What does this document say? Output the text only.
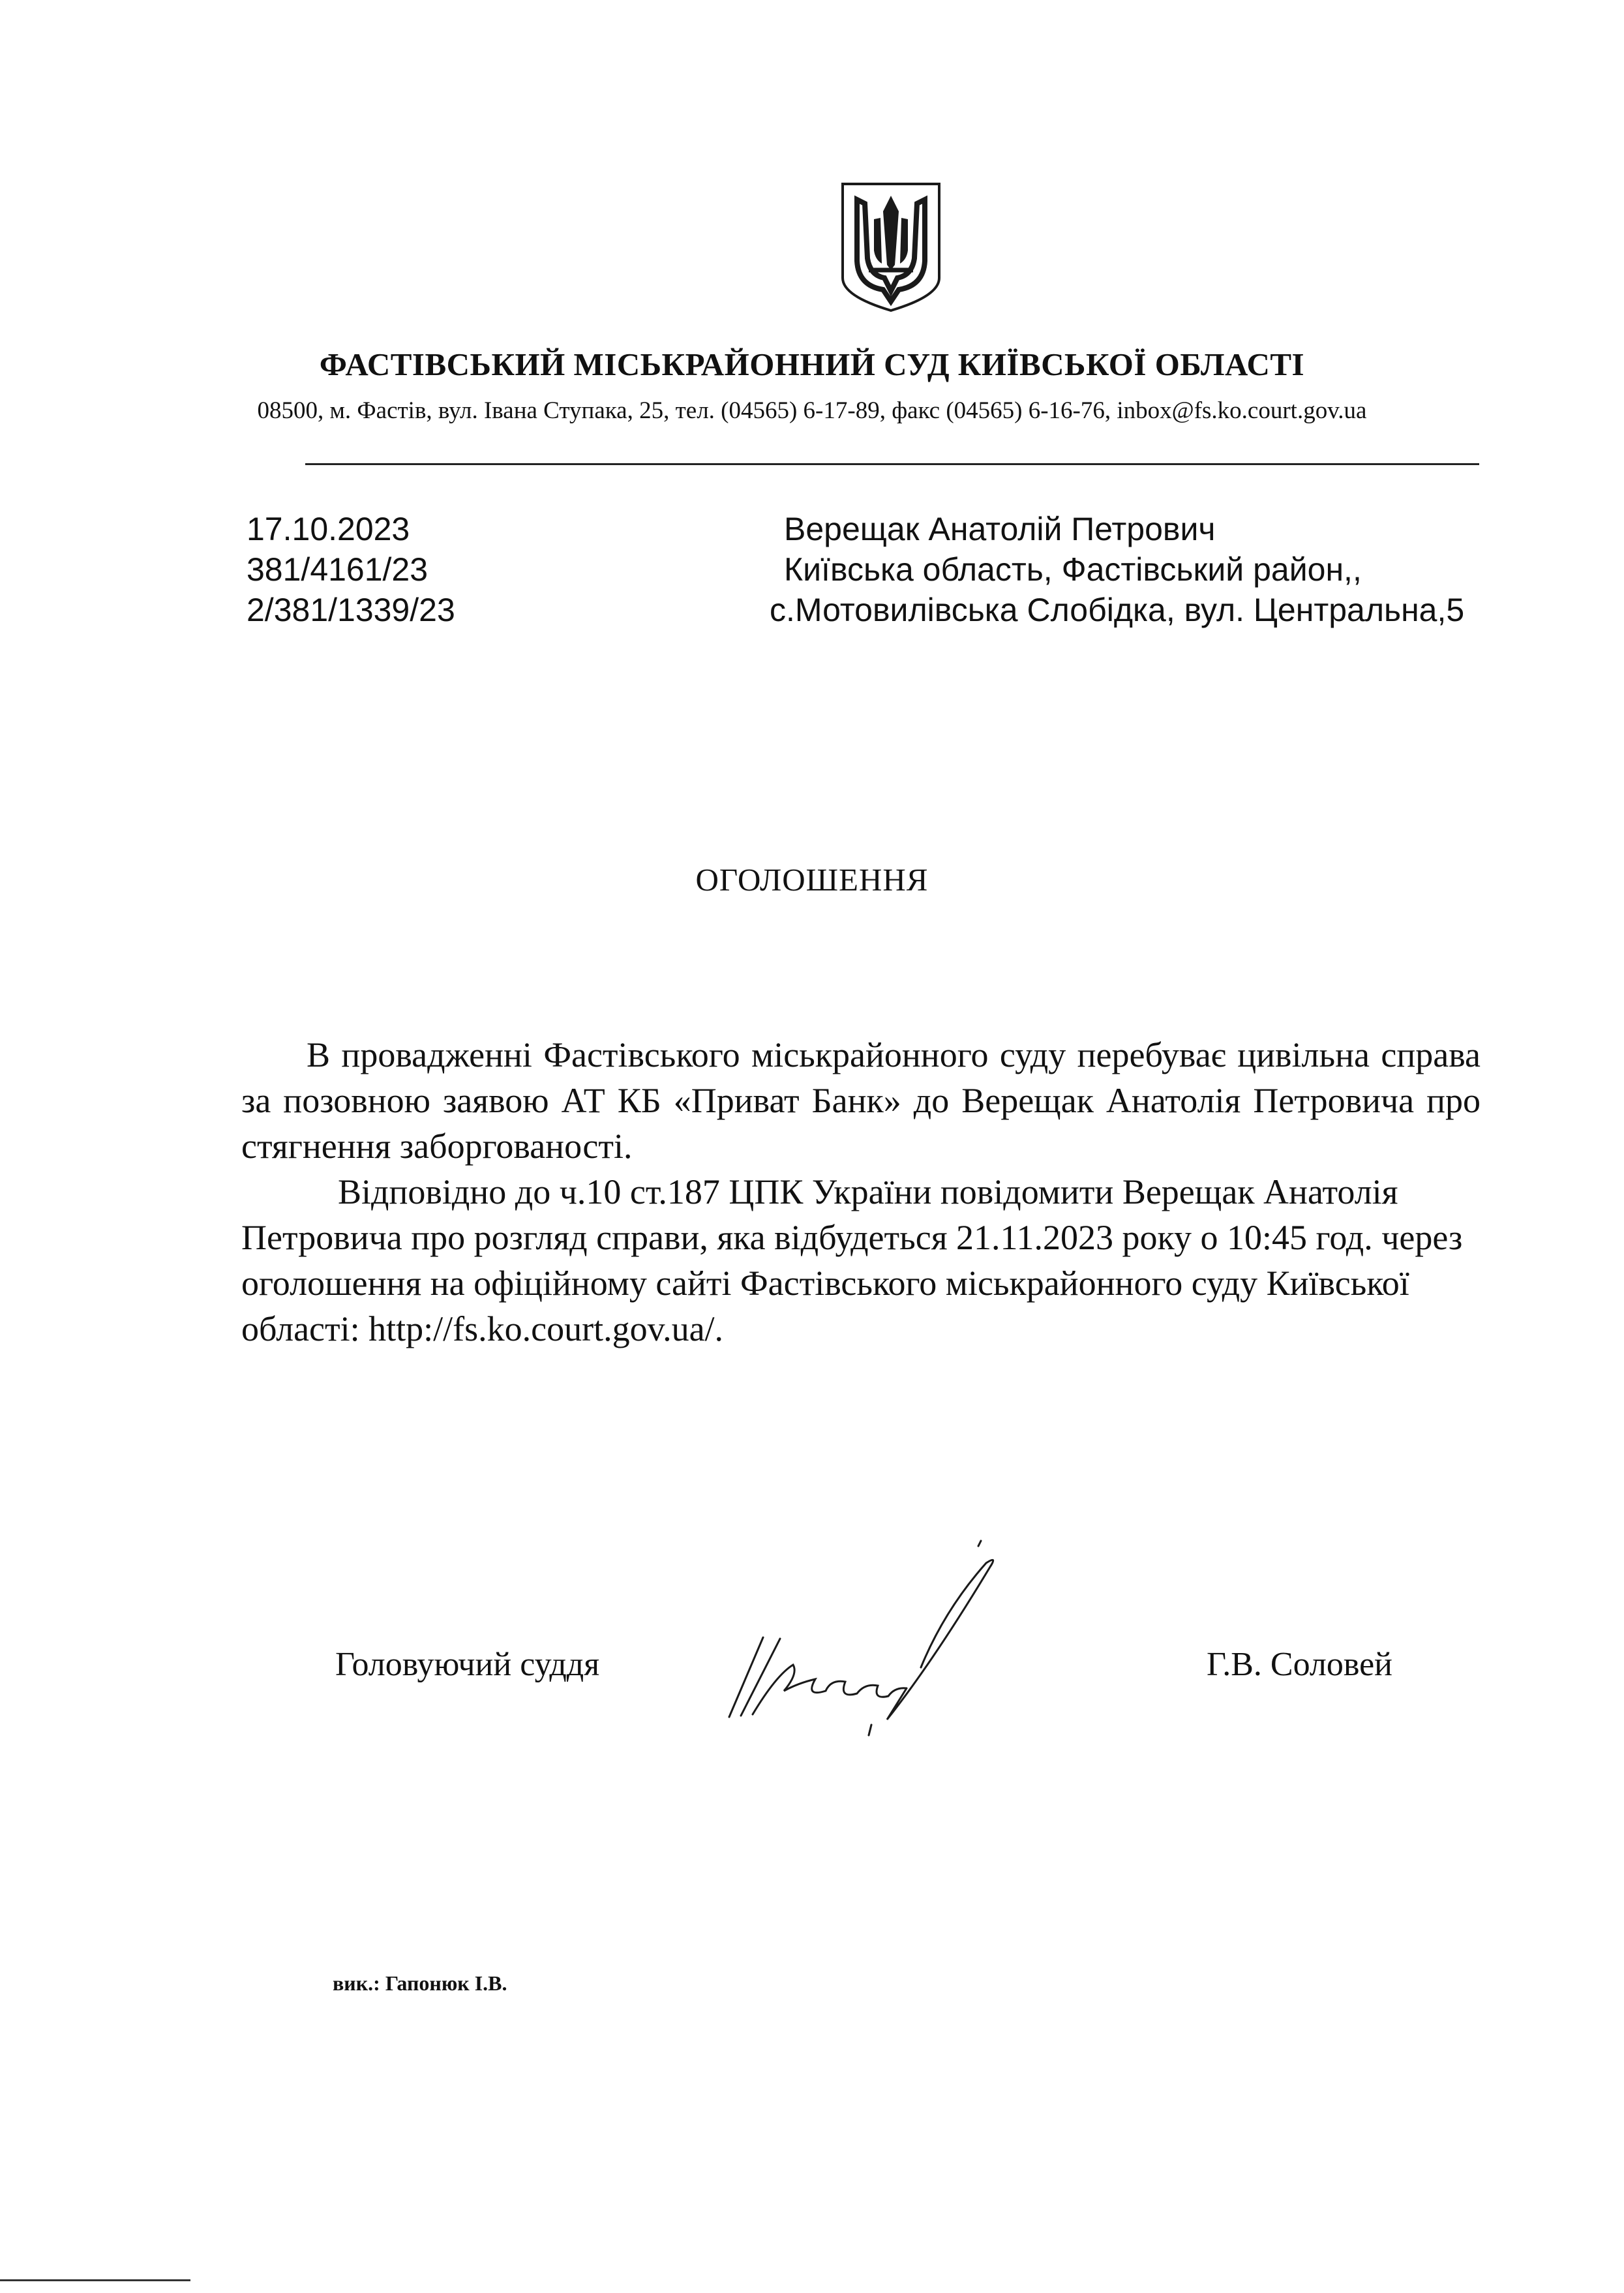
ФАСТІВСЬКИЙ МІСЬКРАЙОННИЙ СУД КИЇВСЬКОЇ ОБЛАСТІ
08500, м. Фастів, вул. Івана Ступака, 25, тел. (04565) 6-17-89, факс (04565) 6-16-76, inbox@fs.ko.court.gov.ua
17.10.2023
381/4161/23
2/381/1339/23
Верещак Анатолій Петрович
Київська область, Фастівський район,,
с.Мотовилівська Слобідка, вул. Центральна,5
ОГОЛОШЕННЯ
В провадженні Фастівського міськрайонного суду перебуває цивільна справа за позовною заявою АТ КБ «Приват Банк» до Верещак Анатолія Петровича про стягнення заборгованості.
Відповідно до ч.10 ст.187 ЦПК України повідомити Верещак Анатолія Петровича про розгляд справи, яка відбудеться 21.11.2023 року о 10:45 год. через оголошення на офіційному сайті Фастівського міськрайонного суду Київської області: http://fs.ko.court.gov.ua/.
Головуючий суддя	Г.В. Соловей
вик.: Гапонюк І.В.
